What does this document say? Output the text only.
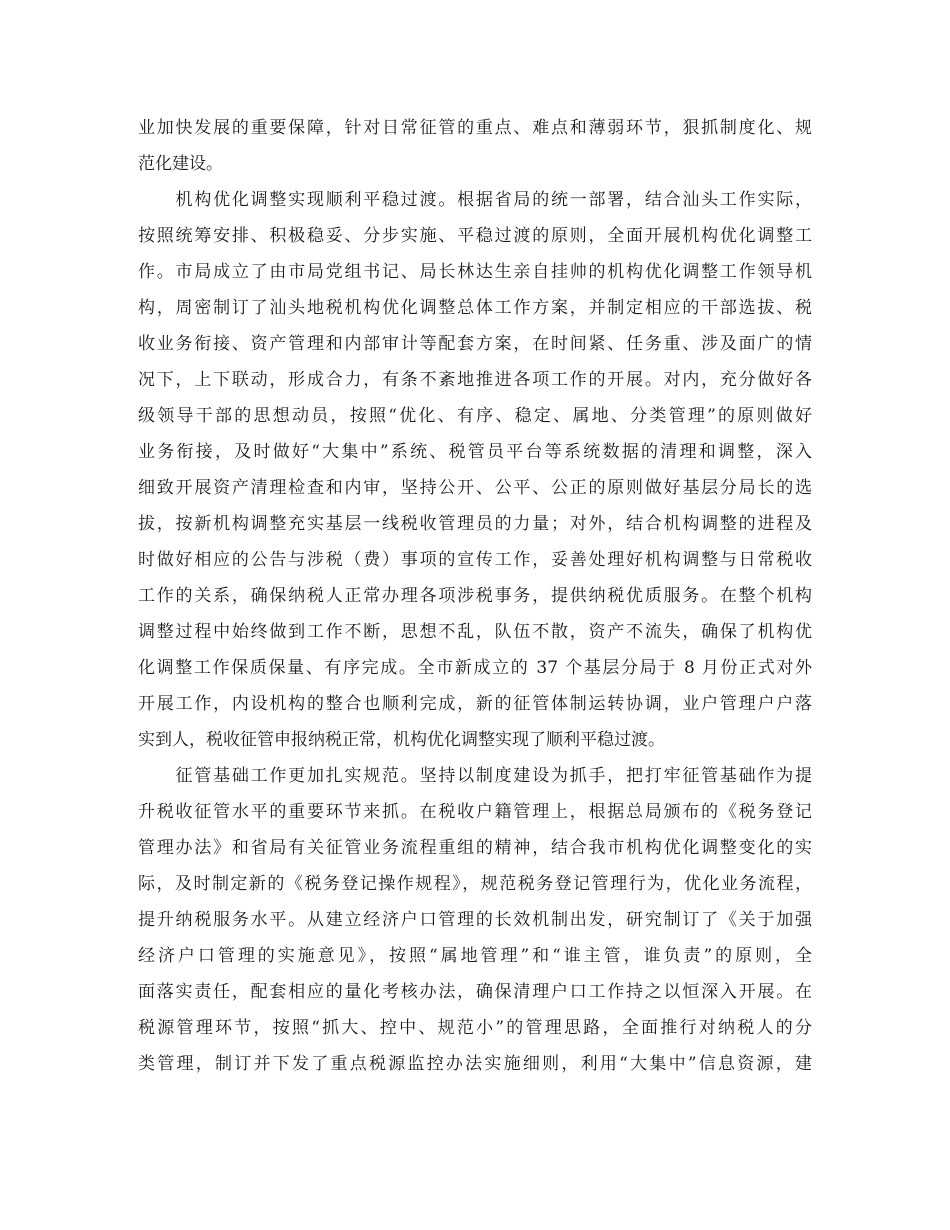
业加快发展的重要保障，针对日常征管的重点、难点和薄弱环节，狠抓制度化、规
范化建设。
　　机构优化调整实现顺利平稳过渡。根据省局的统一部署，结合汕头工作实际，
按照统筹安排、积极稳妥、分步实施、平稳过渡的原则，全面开展机构优化调整工
作。市局成立了由市局党组书记、局长林达生亲自挂帅的机构优化调整工作领导机
构，周密制订了汕头地税机构优化调整总体工作方案，并制定相应的干部选拔、税
收业务衔接、资产管理和内部审计等配套方案，在时间紧、任务重、涉及面广的情
况下，上下联动，形成合力，有条不紊地推进各项工作的开展。对内，充分做好各
级领导干部的思想动员，按照“优化、有序、稳定、属地、分类管理”的原则做好
业务衔接，及时做好“大集中”系统、税管员平台等系统数据的清理和调整，深入
细致开展资产清理检查和内审，坚持公开、公平、公正的原则做好基层分局长的选
拔，按新机构调整充实基层一线税收管理员的力量；对外，结合机构调整的进程及
时做好相应的公告与涉税（费）事项的宣传工作，妥善处理好机构调整与日常税收
工作的关系，确保纳税人正常办理各项涉税事务，提供纳税优质服务。在整个机构
调整过程中始终做到工作不断，思想不乱，队伍不散，资产不流失，确保了机构优
化调整工作保质保量、有序完成。全市新成立的 37 个基层分局于 8 月份正式对外
开展工作，内设机构的整合也顺利完成，新的征管体制运转协调，业户管理户户落
实到人，税收征管申报纳税正常，机构优化调整实现了顺利平稳过渡。
　　征管基础工作更加扎实规范。坚持以制度建设为抓手，把打牢征管基础作为提
升税收征管水平的重要环节来抓。在税收户籍管理上，根据总局颁布的《税务登记
管理办法》和省局有关征管业务流程重组的精神，结合我市机构优化调整变化的实
际，及时制定新的《税务登记操作规程》，规范税务登记管理行为，优化业务流程，
提升纳税服务水平。从建立经济户口管理的长效机制出发，研究制订了《关于加强
经济户口管理的实施意见》，按照“属地管理”和“谁主管，谁负责”的原则，全
面落实责任，配套相应的量化考核办法，确保清理户口工作持之以恒深入开展。在
税源管理环节，按照“抓大、控中、规范小”的管理思路，全面推行对纳税人的分
类管理，制订并下发了重点税源监控办法实施细则，利用“大集中”信息资源，建
